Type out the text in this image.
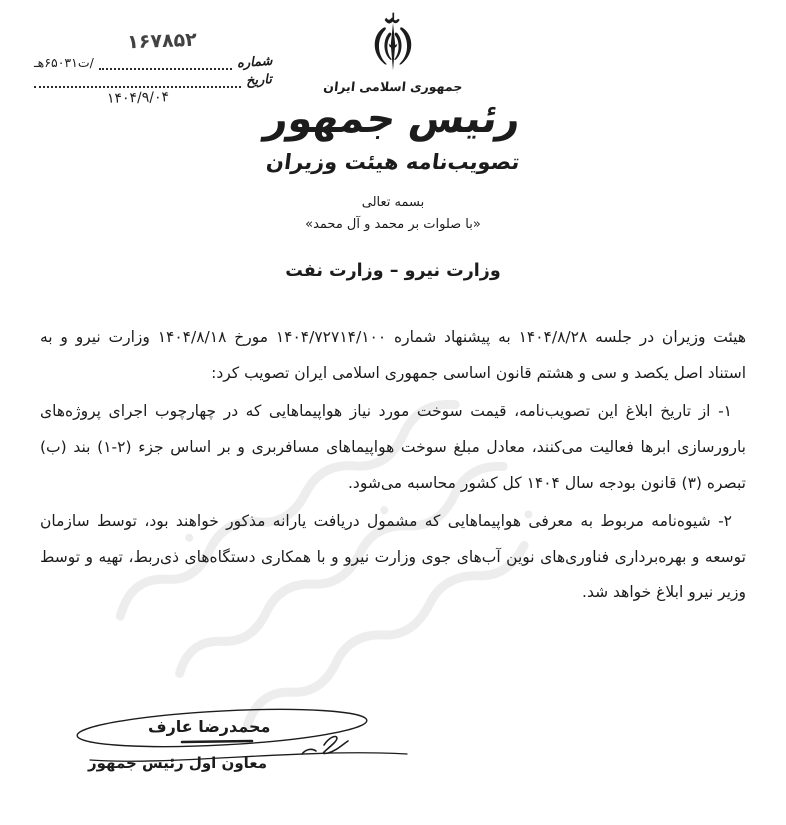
۱۶۷۸۵۲
شماره
/ت۶۵۰۳۱هـ
تاریخ
۱۴۰۴/۹/۰۴
جمهوری اسلامی ایران
رئیس جمهور
تصویب‌نامه هیئت وزیران
بسمه تعالی
«با صلوات بر محمد و آل محمد»
وزارت نیرو – وزارت نفت

هیئت وزیران در جلسه ۱۴۰۴/۸/۲۸ به پیشنهاد شماره ۱۴۰۴/۷۲۷۱۴/۱۰۰ مورخ ۱۴۰۴/۸/۱۸ وزارت نیرو و به استناد اصل یکصد و سی و هشتم قانون اساسی جمهوری اسلامی ایران تصویب کرد:

۱- از تاریخ ابلاغ این تصویب‌نامه، قیمت سوخت مورد نیاز هواپیماهایی که در چهارچوب اجرای پروژه‌های بارورسازی ابرها فعالیت می‌کنند، معادل مبلغ سوخت هواپیماهای مسافربری و بر اساس جزء (۲-۱) بند (ب) تبصره (۳) قانون بودجه سال ۱۴۰۴ کل کشور محاسبه می‌شود.

۲- شیوه‌نامه مربوط به معرفی هواپیماهایی که مشمول دریافت یارانه مذکور خواهند بود، توسط سازمان توسعه و بهره‌برداری فناوری‌های نوین آب‌های جوی وزارت نیرو و با همکاری دستگاه‌های ذی‌ربط، تهیه و توسط وزیر نیرو ابلاغ خواهد شد.

محمدرضا عارف
معاون اول رئیس جمهور
